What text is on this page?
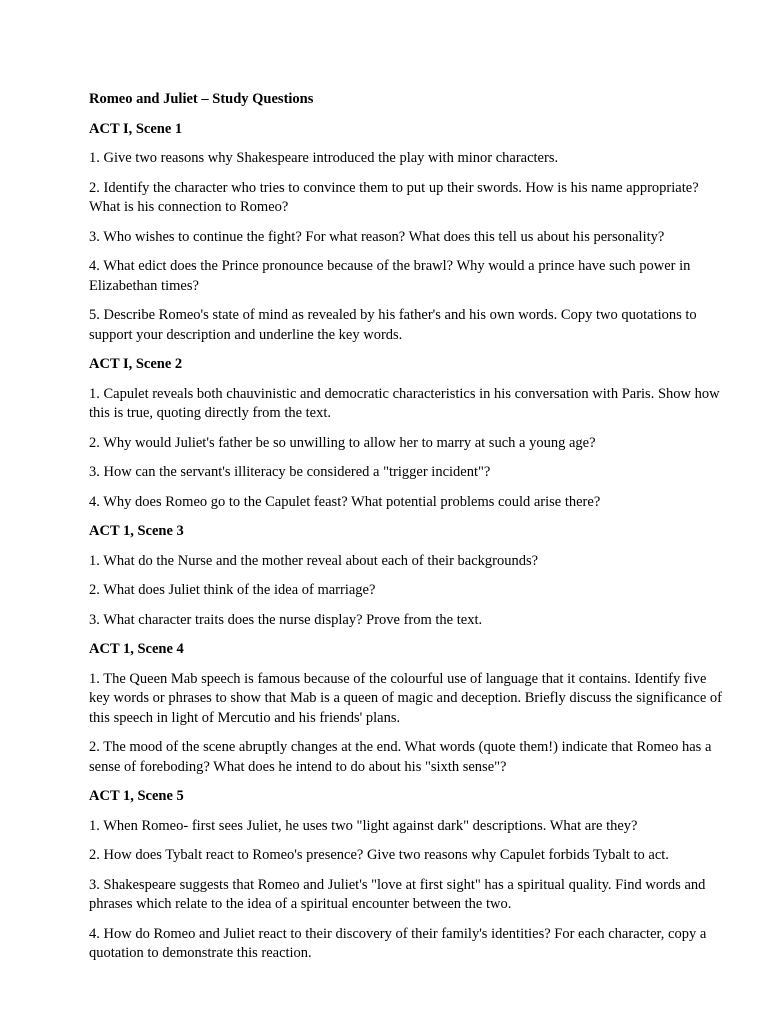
Romeo and Juliet – Study Questions

ACT I, Scene 1

1. Give two reasons why Shakespeare introduced the play with minor characters.

2. Identify the character who tries to convince them to put up their swords. How is his name appropriate? What is his connection to Romeo?

3. Who wishes to continue the fight? For what reason? What does this tell us about his personality?

4. What edict does the Prince pronounce because of the brawl? Why would a prince have such power in Elizabethan times?

5. Describe Romeo's state of mind as revealed by his father's and his own words. Copy two quotations to support your description and underline the key words.

ACT I, Scene 2

1. Capulet reveals both chauvinistic and democratic characteristics in his conversation with Paris. Show how this is true, quoting directly from the text.

2. Why would Juliet's father be so unwilling to allow her to marry at such a young age?

3. How can the servant's illiteracy be considered a "trigger incident"?

4. Why does Romeo go to the Capulet feast? What potential problems could arise there?

ACT 1, Scene 3

1. What do the Nurse and the mother reveal about each of their backgrounds?

2. What does Juliet think of the idea of marriage?

3. What character traits does the nurse display? Prove from the text.

ACT 1, Scene 4

1. The Queen Mab speech is famous because of the colourful use of language that it contains. Identify five key words or phrases to show that Mab is a queen of magic and deception. Briefly discuss the significance of this speech in light of Mercutio and his friends' plans.

2. The mood of the scene abruptly changes at the end. What words (quote them!) indicate that Romeo has a sense of foreboding? What does he intend to do about his "sixth sense"?

ACT 1, Scene 5

1. When Romeo- first sees Juliet, he uses two "light against dark" descriptions. What are they?

2. How does Tybalt react to Romeo's presence? Give two reasons why Capulet forbids Tybalt to act.

3. Shakespeare suggests that Romeo and Juliet's "love at first sight" has a spiritual quality. Find words and phrases which relate to the idea of a spiritual encounter between the two.

4. How do Romeo and Juliet react to their discovery of their family's identities? For each character, copy a quotation to demonstrate this reaction.
